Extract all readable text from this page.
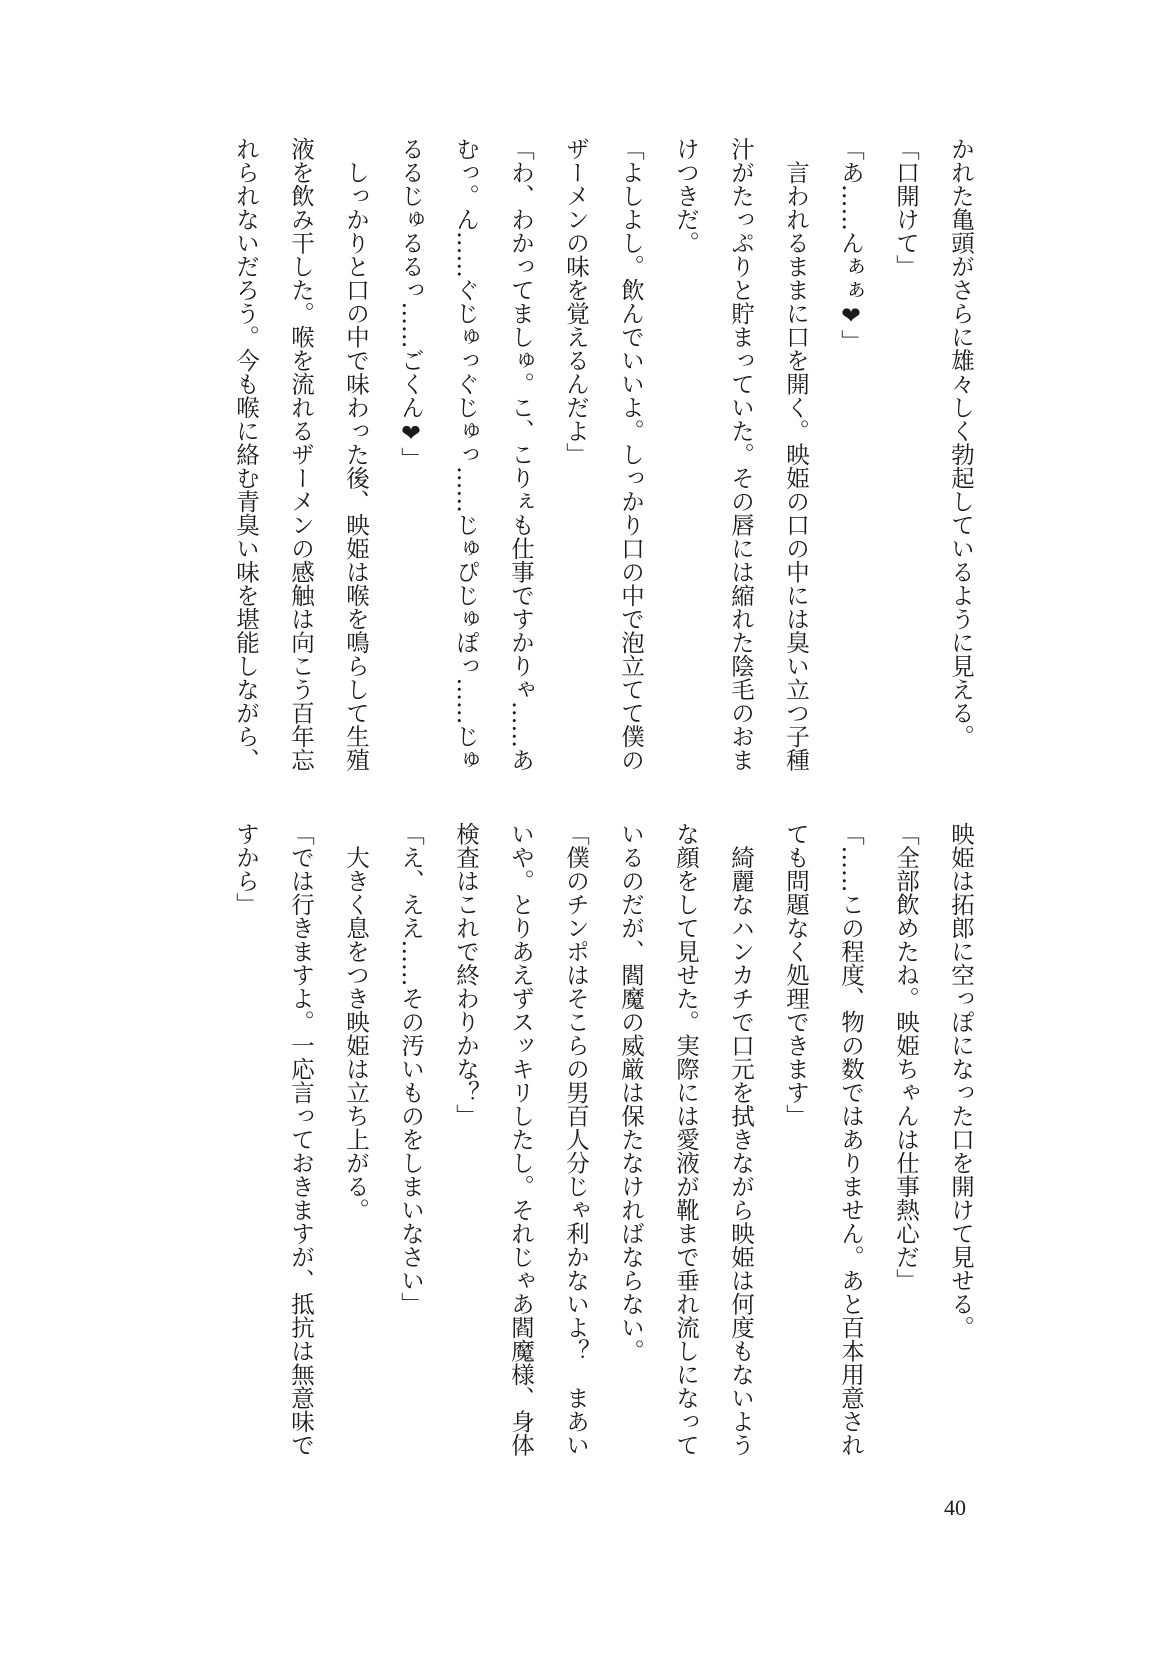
かれた亀頭がさらに雄々しく勃起しているように見える。
「口開けて」
「あ……んぁぁ❤」
　言われるままに口を開く。映姫の口の中には臭い立つ子種
汁がたっぷりと貯まっていた。その唇には縮れた陰毛のおま
けつきだ。
「よしよし。飲んでいいよ。しっかり口の中で泡立てて僕の
ザーメンの味を覚えるんだよ」
「わ、わかってましゅ。こ、こりぇも仕事ですかりゃ……あ
むっ。ん……ぐじゅっぐじゅっ……じゅぴじゅぽっ……じゅ
るるじゅるるっ……ごくん❤」
　しっかりと口の中で味わった後、映姫は喉を鳴らして生殖
液を飲み干した。喉を流れるザーメンの感触は向こう百年忘
れられないだろう。今も喉に絡む青臭い味を堪能しながら、
映姫は拓郎に空っぽになった口を開けて見せる。
「全部飲めたね。映姫ちゃんは仕事熱心だ」
「……この程度、物の数ではありません。あと百本用意され
ても問題なく処理できます」
　綺麗なハンカチで口元を拭きながら映姫は何度もないよう
な顔をして見せた。実際には愛液が靴まで垂れ流しになって
いるのだが、閻魔の威厳は保たなければならない。
「僕のチンポはそこらの男百人分じゃ利かないよ？　まあい
いや。とりあえずスッキリしたし。それじゃあ閻魔様、身体
検査はこれで終わりかな？」
「え、ええ……その汚いものをしまいなさい」
　大きく息をつき映姫は立ち上がる。
「では行きますよ。一応言っておきますが、抵抗は無意味で
すから」
40
